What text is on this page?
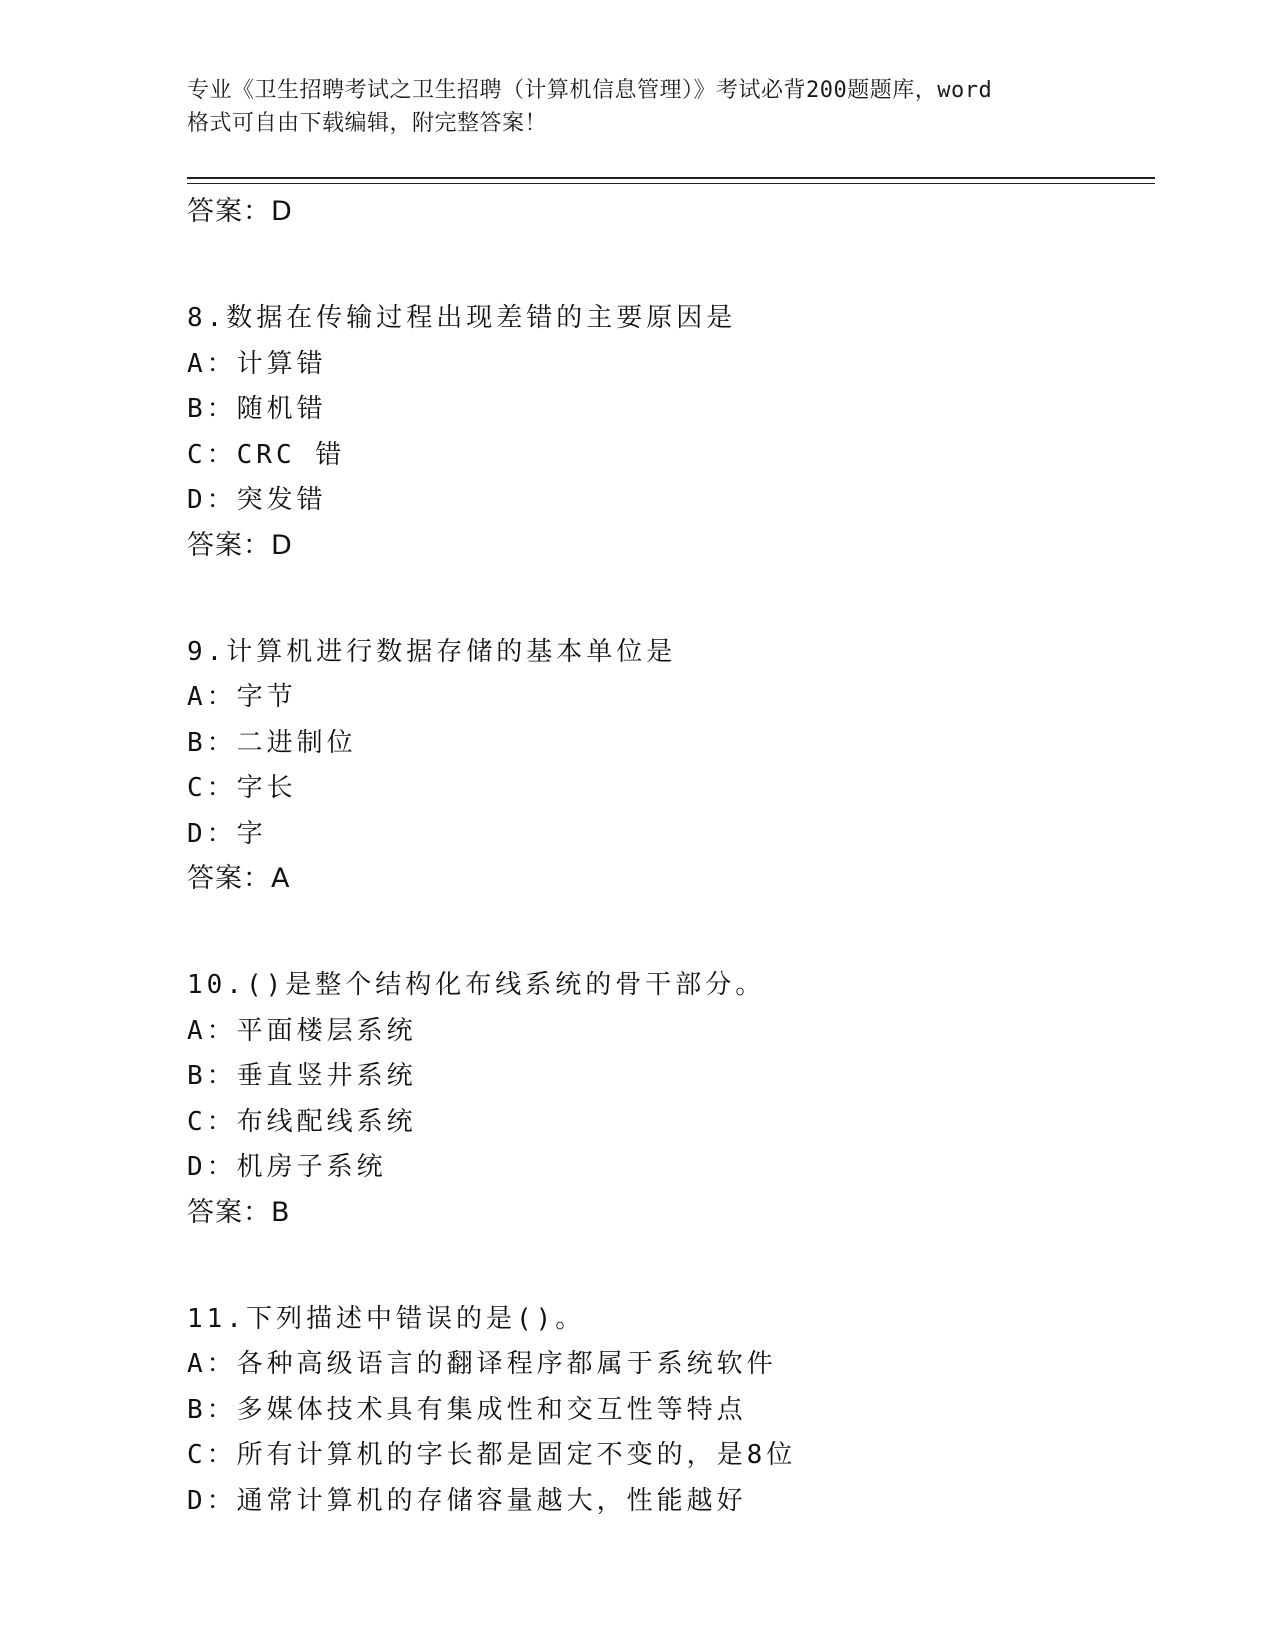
专业《卫生招聘考试之卫生招聘（计算机信息管理）》考试必背200题题库，word
格式可自由下载编辑，附完整答案！
答案：D
8.数据在传输过程出现差错的主要原因是
A：计算错
B：随机错
C：CRC 错
D：突发错
答案：D
9.计算机进行数据存储的基本单位是
A：字节
B：二进制位
C：字长
D：字
答案：A
10.()是整个结构化布线系统的骨干部分。
A：平面楼层系统
B：垂直竖井系统
C：布线配线系统
D：机房子系统
答案：B
11.下列描述中错误的是()。
A：各种高级语言的翻译程序都属于系统软件
B：多媒体技术具有集成性和交互性等特点
C：所有计算机的字长都是固定不变的，是8位
D：通常计算机的存储容量越大，性能越好
